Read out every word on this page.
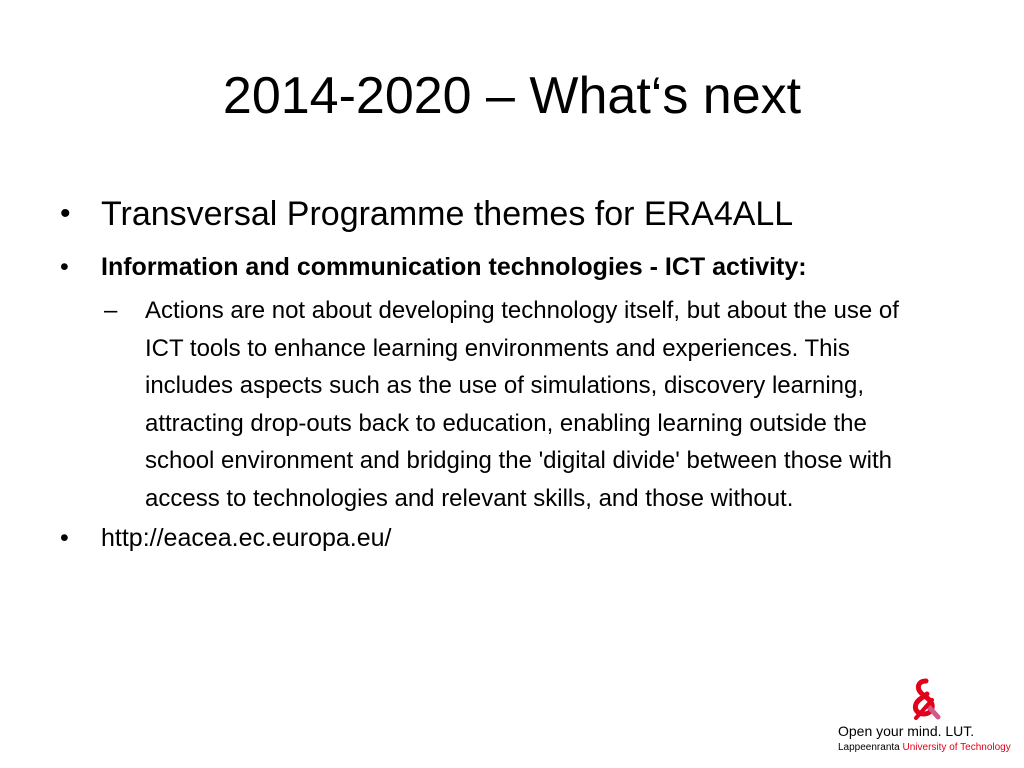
2014-2020 – What‘s next
• Transversal Programme themes for ERA4ALL
• Information and communication technologies - ICT activity:
– Actions are not about developing technology itself, but about the use of ICT tools to enhance learning environments and experiences. This includes aspects such as the use of simulations, discovery learning, attracting drop-outs back to education, enabling learning outside the school environment and bridging the 'digital divide' between those with access to technologies and relevant skills, and those without.
• http://eacea.ec.europa.eu/
Open your mind. LUT.
Lappeenranta University of Technology
